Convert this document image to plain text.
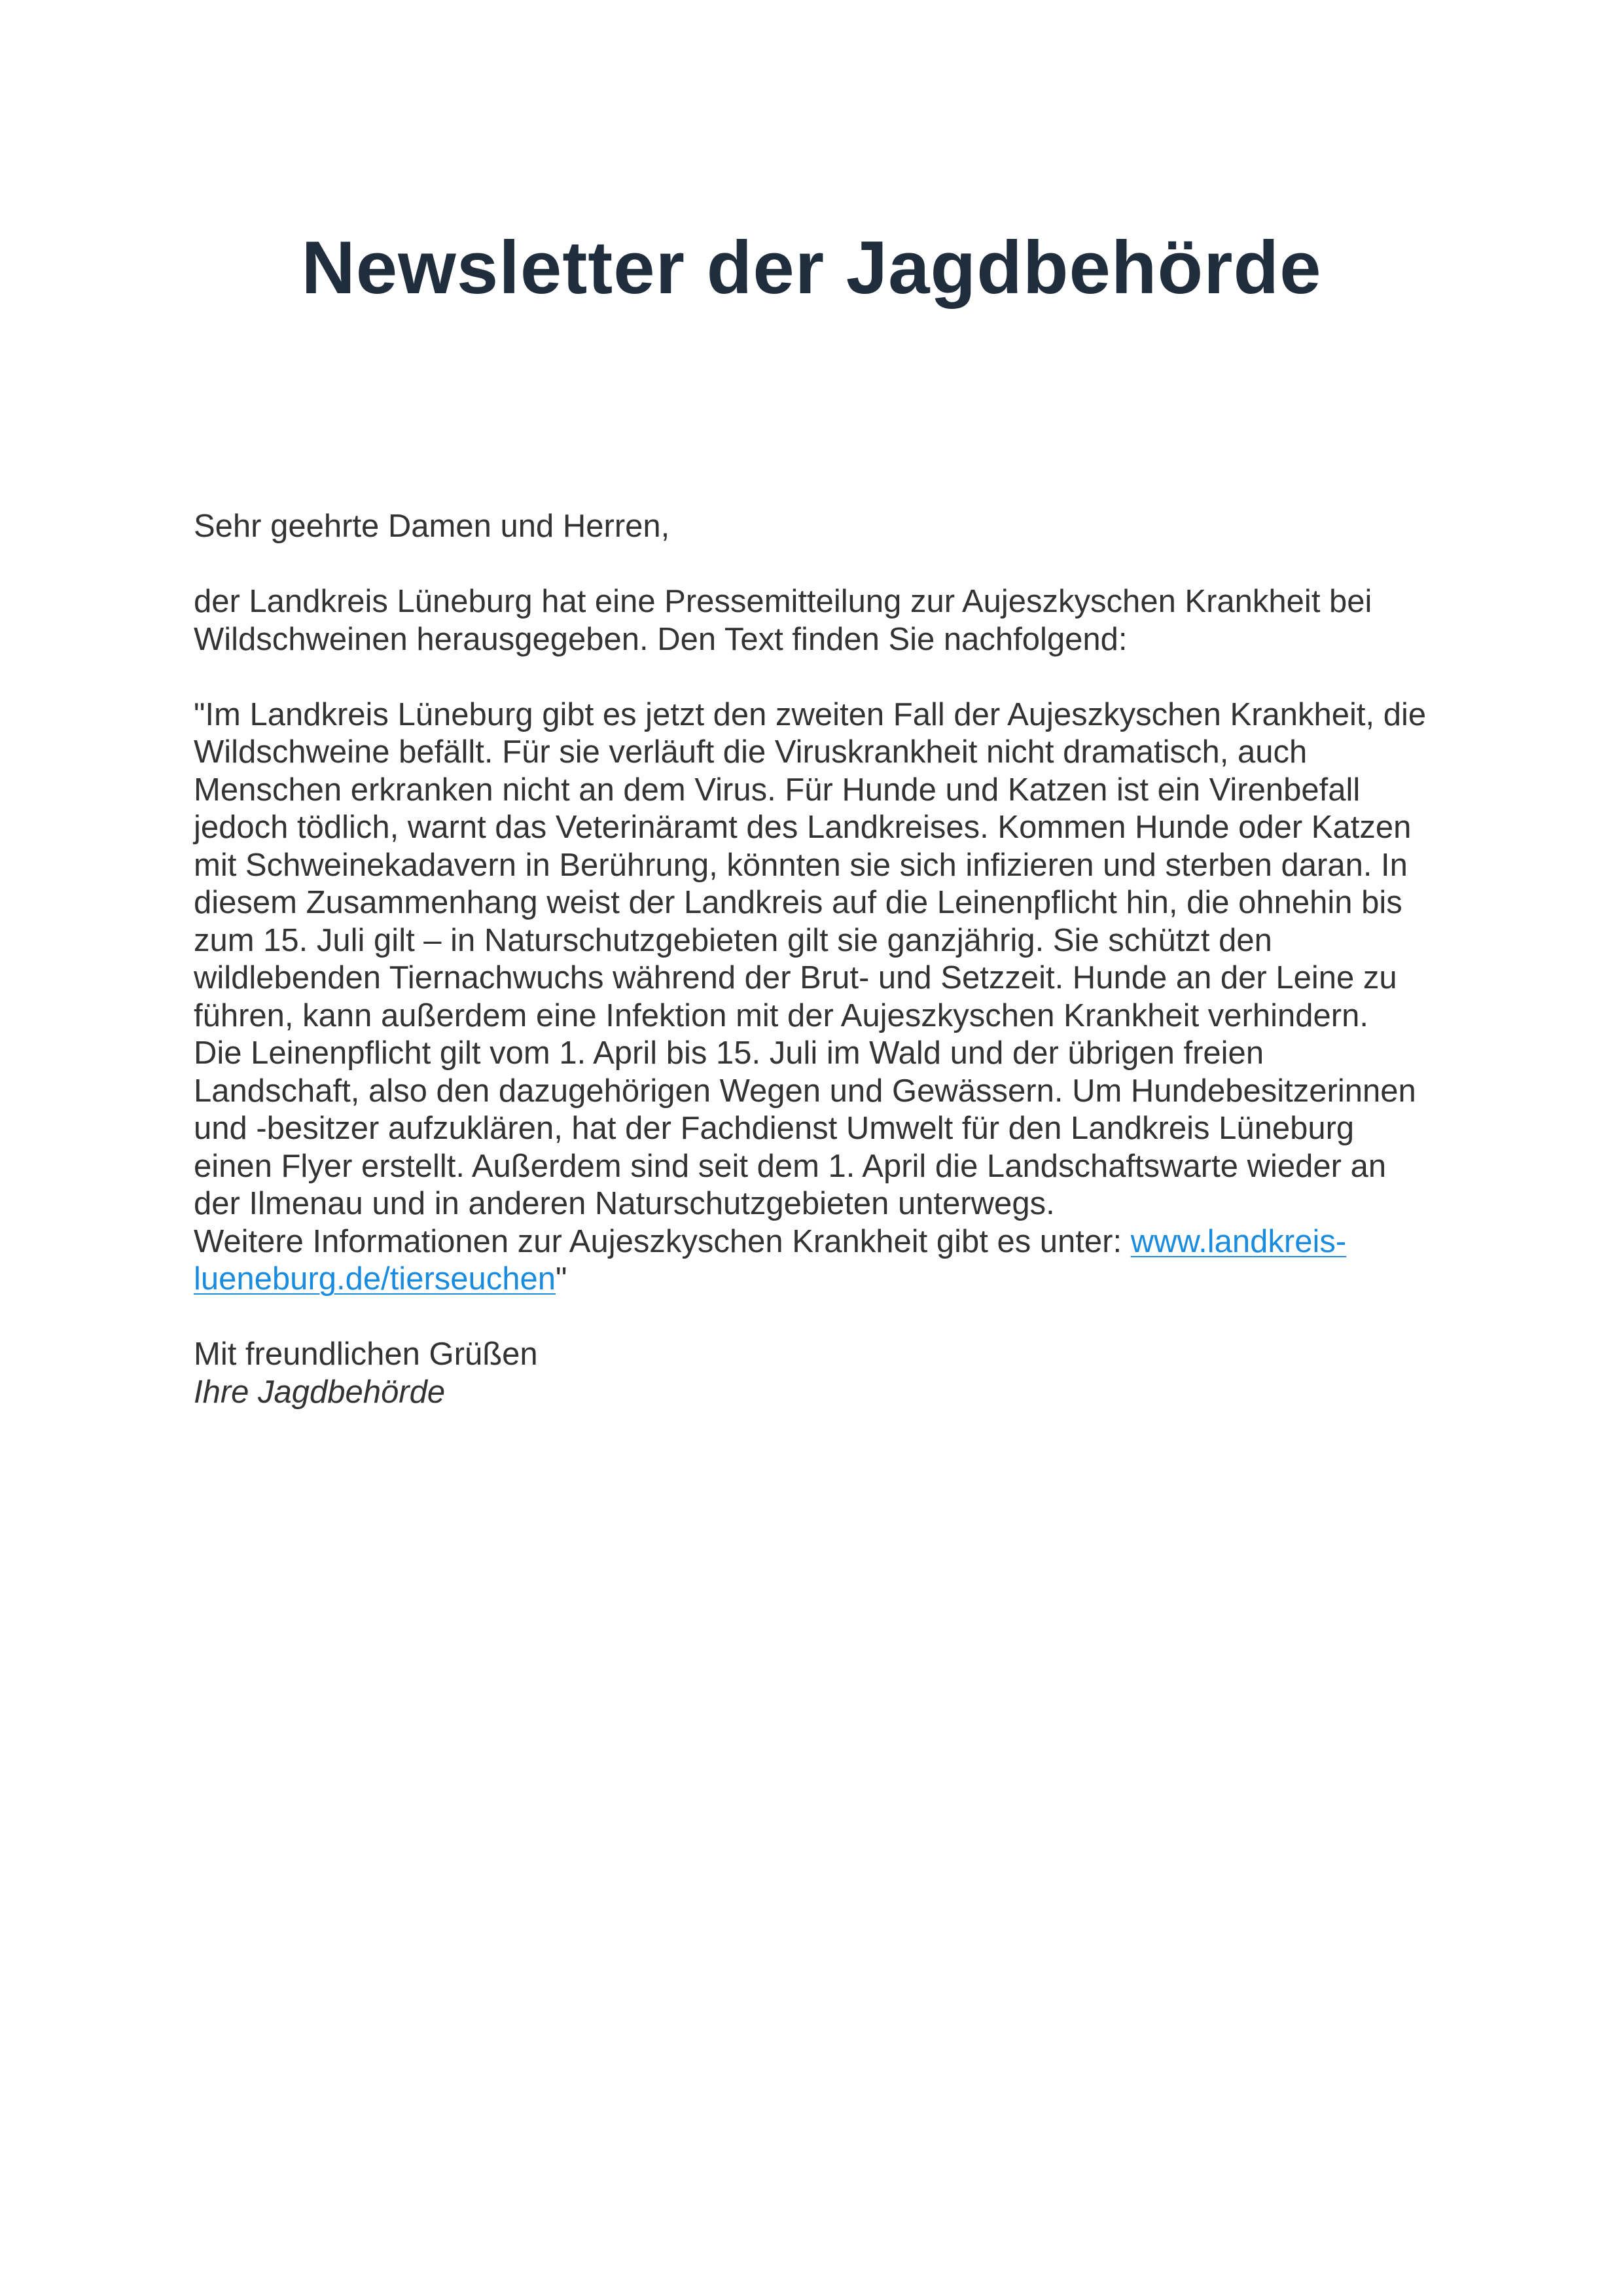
Newsletter der Jagdbehörde

Sehr geehrte Damen und Herren,

der Landkreis Lüneburg hat eine Pressemitteilung zur Aujeszkyschen Krankheit bei Wildschweinen herausgegeben. Den Text finden Sie nachfolgend:

"Im Landkreis Lüneburg gibt es jetzt den zweiten Fall der Aujeszkyschen Krankheit, die Wildschweine befällt. Für sie verläuft die Viruskrankheit nicht dramatisch, auch Menschen erkranken nicht an dem Virus. Für Hunde und Katzen ist ein Virenbefall jedoch tödlich, warnt das Veterinäramt des Landkreises. Kommen Hunde oder Katzen mit Schweinekadavern in Berührung, könnten sie sich infizieren und sterben daran. In diesem Zusammenhang weist der Landkreis auf die Leinenpflicht hin, die ohnehin bis zum 15. Juli gilt – in Naturschutzgebieten gilt sie ganzjährig. Sie schützt den wildlebenden Tiernachwuchs während der Brut- und Setzzeit. Hunde an der Leine zu führen, kann außerdem eine Infektion mit der Aujeszkyschen Krankheit verhindern.

Die Leinenpflicht gilt vom 1. April bis 15. Juli im Wald und der übrigen freien Landschaft, also den dazugehörigen Wegen und Gewässern. Um Hundebesitzerinnen und -besitzer aufzuklären, hat der Fachdienst Umwelt für den Landkreis Lüneburg einen Flyer erstellt. Außerdem sind seit dem 1. April die Landschaftswarte wieder an der Ilmenau und in anderen Naturschutzgebieten unterwegs.

Weitere Informationen zur Aujeszkyschen Krankheit gibt es unter: www.landkreis-lueneburg.de/tierseuchen"

Mit freundlichen Grüßen

Ihre Jagdbehörde
